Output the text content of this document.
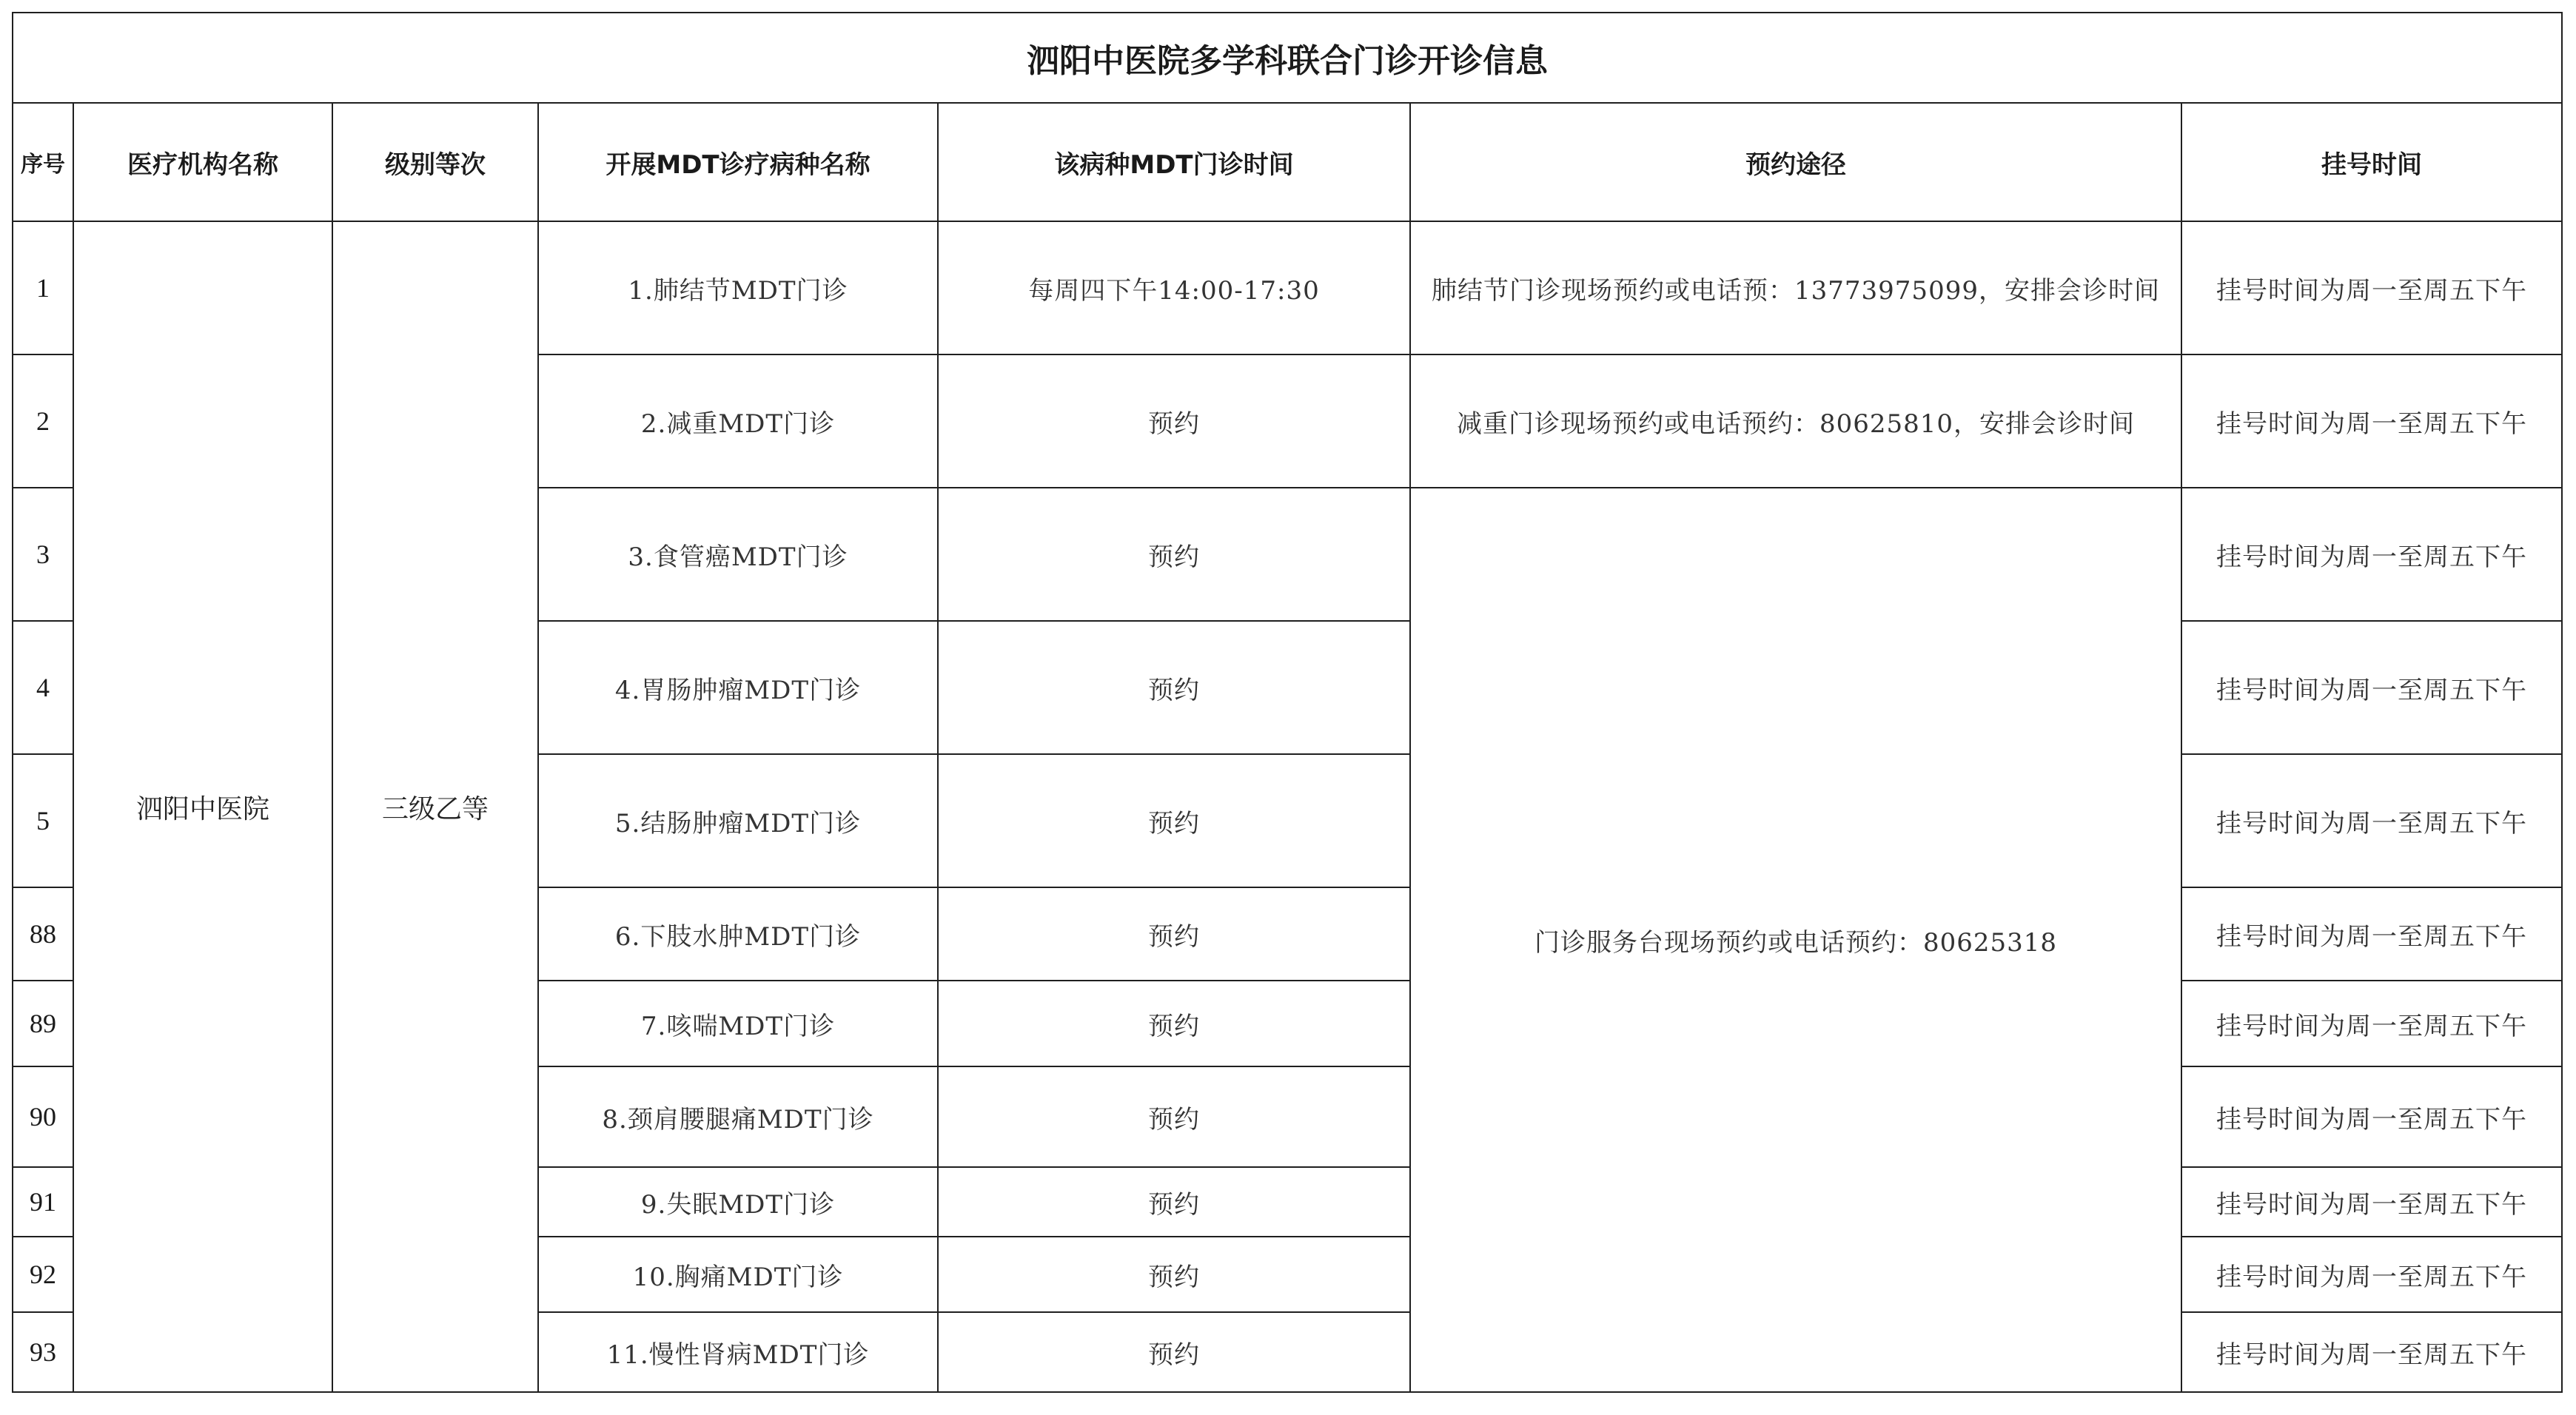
泗阳中医院多学科联合门诊开诊信息						
序号	医疗机构名称	级别等次	开展MDT诊疗病种名称	该病种MDT门诊时间	预约途径	挂号时间
1	泗阳中医院	三级乙等	1.肺结节MDT门诊	每周四下午14:00-17:30	肺结节门诊现场预约或电话预：13773975099，安排会诊时间	挂号时间为周一至周五下午
2			2.减重MDT门诊	预约	减重门诊现场预约或电话预约：80625810，安排会诊时间	挂号时间为周一至周五下午
3			3.食管癌MDT门诊	预约	门诊服务台现场预约或电话预约：80625318	挂号时间为周一至周五下午
4			4.胃肠肿瘤MDT门诊	预约		挂号时间为周一至周五下午
5			5.结肠肿瘤MDT门诊	预约		挂号时间为周一至周五下午
88			6.下肢水肿MDT门诊	预约		挂号时间为周一至周五下午
89			7.咳喘MDT门诊	预约		挂号时间为周一至周五下午
90			8.颈肩腰腿痛MDT门诊	预约		挂号时间为周一至周五下午
91			9.失眠MDT门诊	预约		挂号时间为周一至周五下午
92			10.胸痛MDT门诊	预约		挂号时间为周一至周五下午
93			11.慢性肾病MDT门诊	预约		挂号时间为周一至周五下午
